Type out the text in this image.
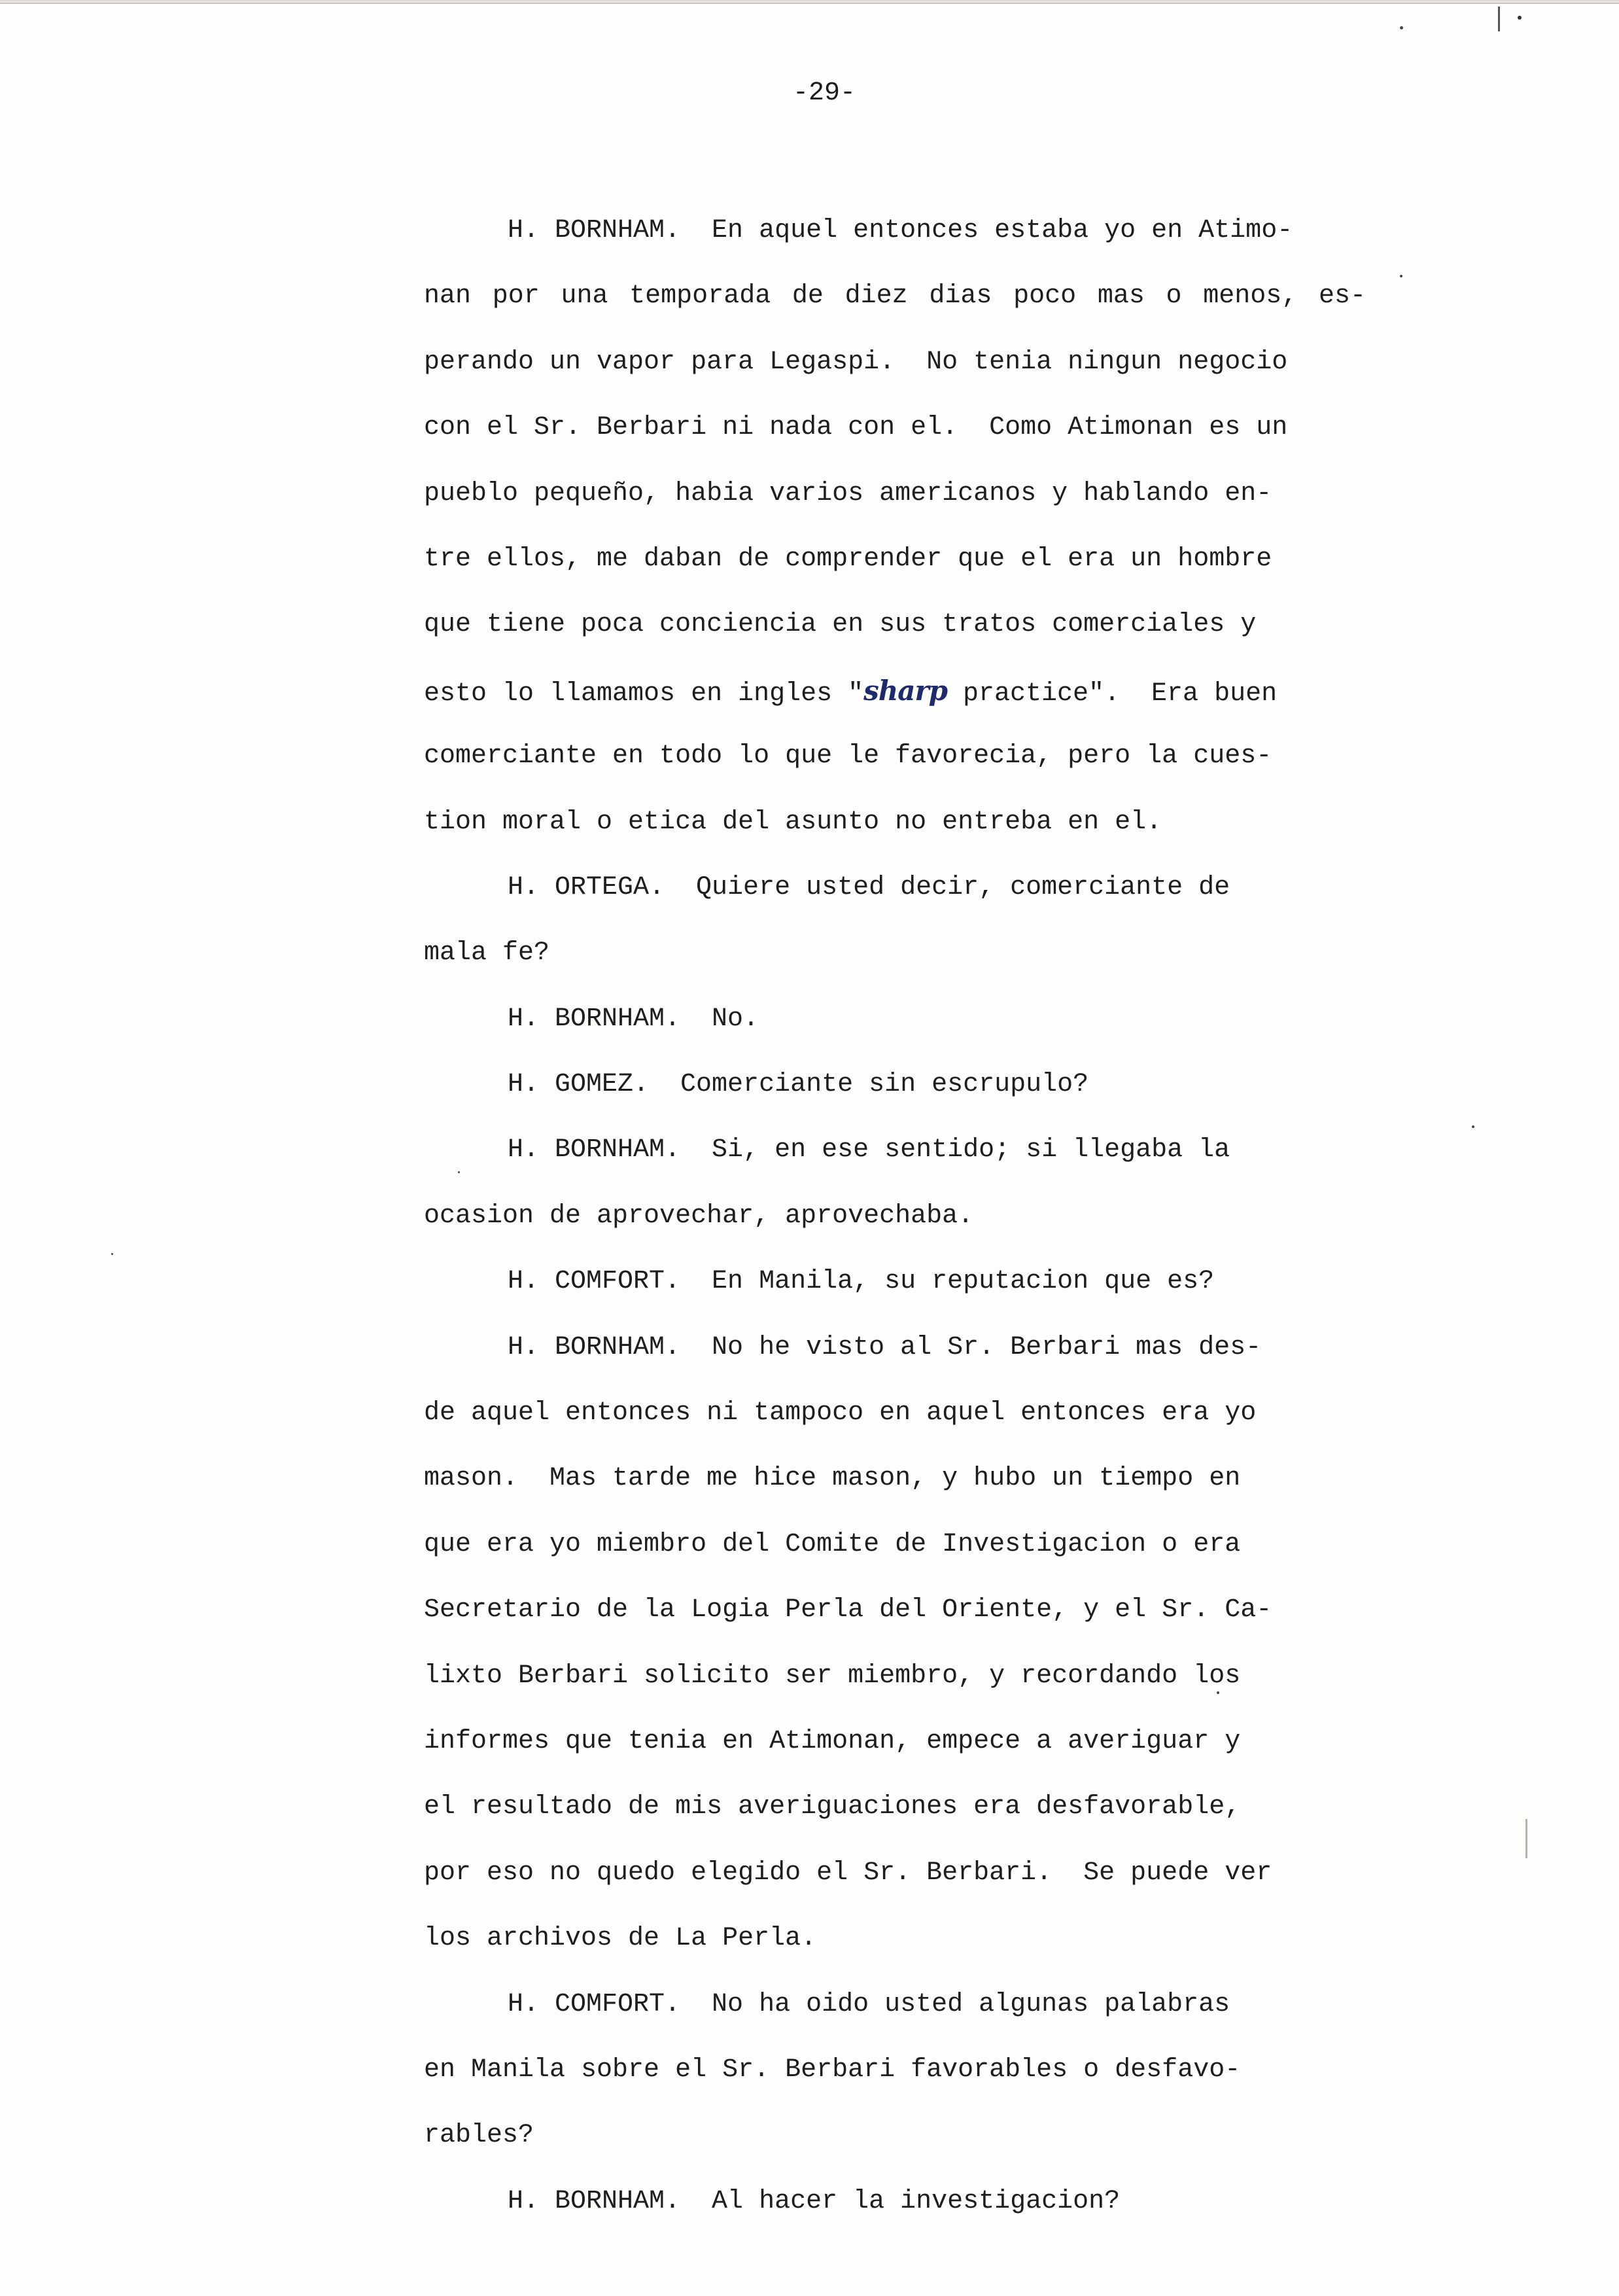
-29-
H. BORNHAM.  En aquel entonces estaba yo en Atimo-
nan por una temporada de diez dias poco mas o menos, es-
perando un vapor para Legaspi.  No tenia ningun negocio
con el Sr. Berbari ni nada con el.  Como Atimonan es un
pueblo pequeño, habia varios americanos y hablando en-
tre ellos, me daban de comprender que el era un hombre
que tiene poca conciencia en sus tratos comerciales y
esto lo llamamos en ingles "sharp practice".  Era buen
comerciante en todo lo que le favorecia, pero la cues-
tion moral o etica del asunto no entreba en el.
H. ORTEGA.  Quiere usted decir, comerciante de
mala fe?
H. BORNHAM.  No.
H. GOMEZ.  Comerciante sin escrupulo?
H. BORNHAM.  Si, en ese sentido; si llegaba la
ocasion de aprovechar, aprovechaba.
H. COMFORT.  En Manila, su reputacion que es?
H. BORNHAM.  No he visto al Sr. Berbari mas des-
de aquel entonces ni tampoco en aquel entonces era yo
mason.  Mas tarde me hice mason, y hubo un tiempo en
que era yo miembro del Comite de Investigacion o era
Secretario de la Logia Perla del Oriente, y el Sr. Ca-
lixto Berbari solicito ser miembro, y recordando los
informes que tenia en Atimonan, empece a averiguar y
el resultado de mis averiguaciones era desfavorable,
por eso no quedo elegido el Sr. Berbari.  Se puede ver
los archivos de La Perla.
H. COMFORT.  No ha oido usted algunas palabras
en Manila sobre el Sr. Berbari favorables o desfavo-
rables?
H. BORNHAM.  Al hacer la investigacion?
